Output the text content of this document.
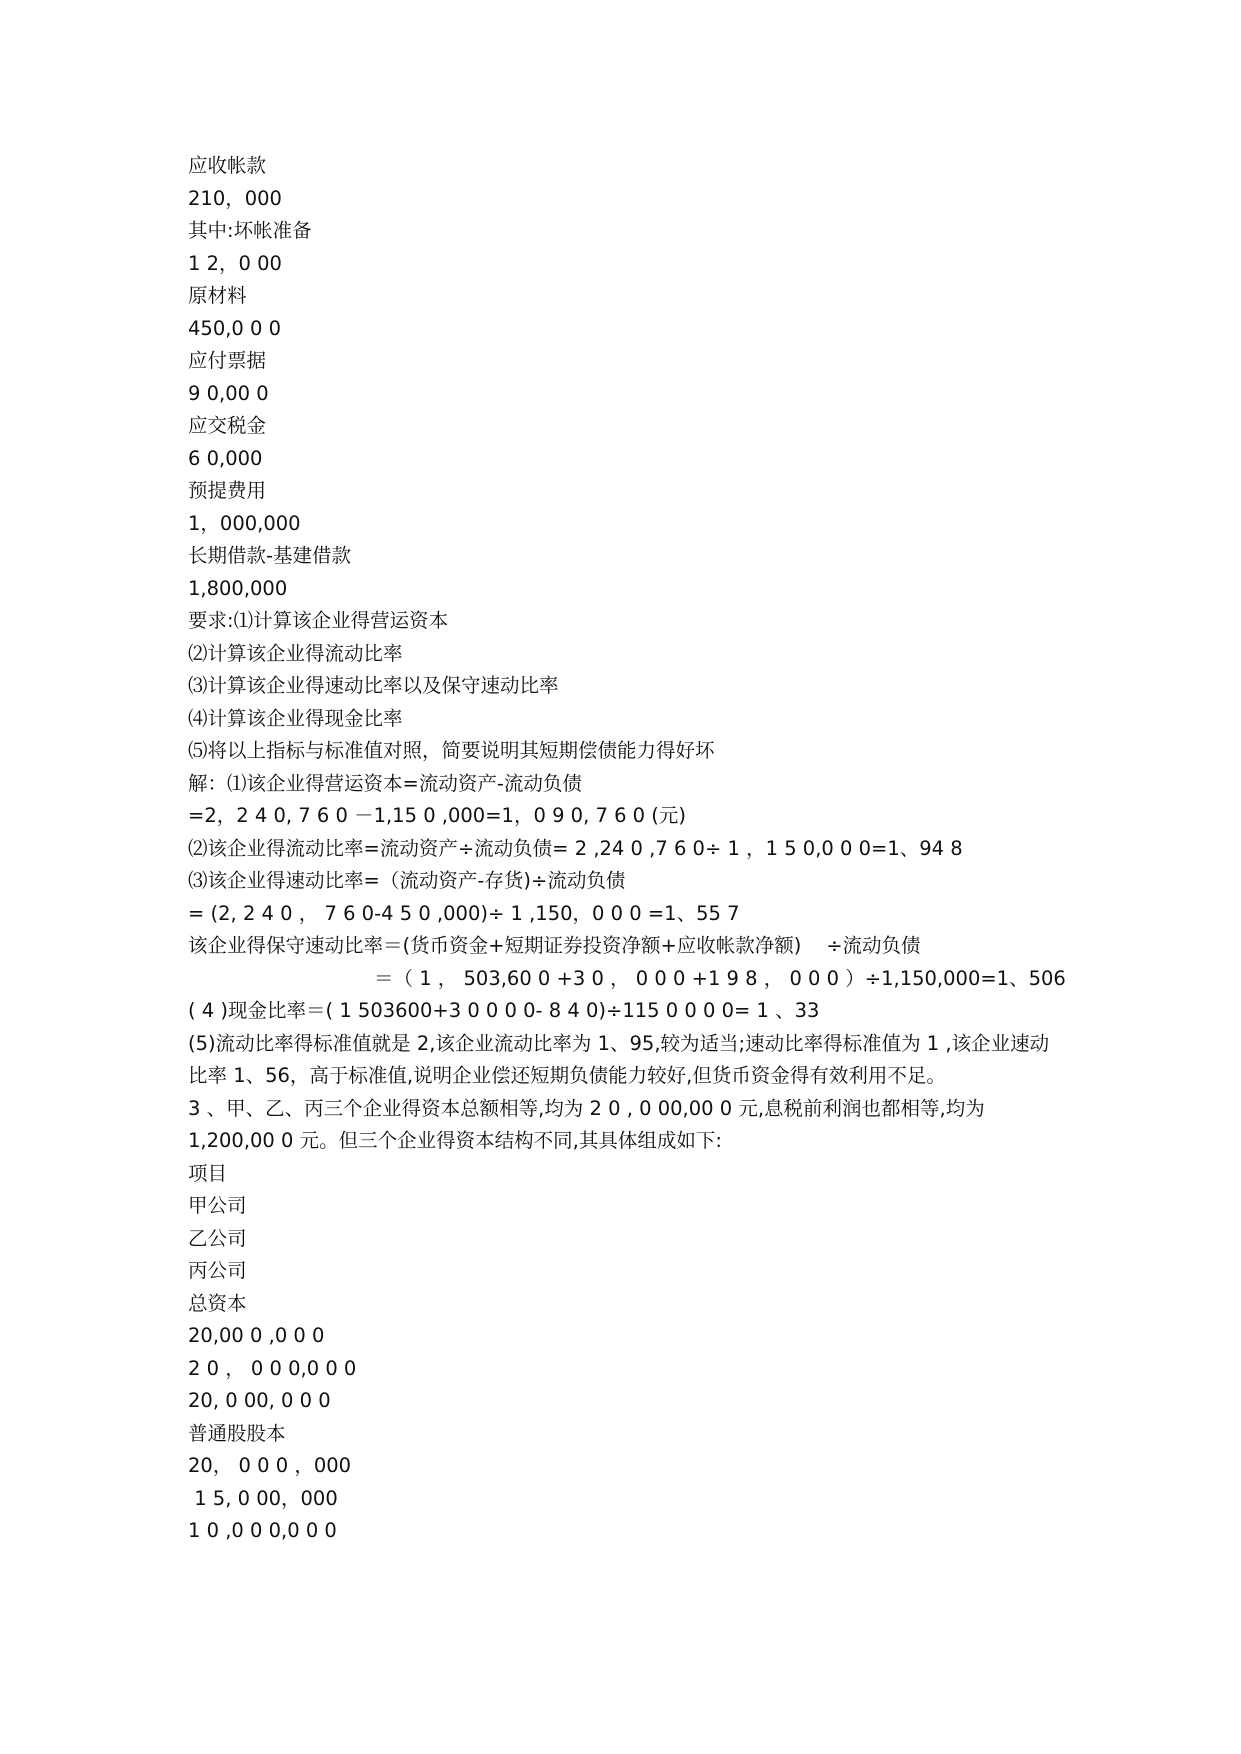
应收帐款
210，000
其中:坏帐准备
1 2，0 00
原材料
450,0 0 0
应付票据
9 0,00 0
应交税金
6 0,000
预提费用
1，000,000
长期借款-基建借款
1,800,000
要求:⑴计算该企业得营运资本
⑵计算该企业得流动比率
⑶计算该企业得速动比率以及保守速动比率
⑷计算该企业得现金比率
⑸将以上指标与标准值对照，简要说明其短期偿债能力得好坏
解：⑴该企业得营运资本=流动资产-流动负债
=2，2 4 0, 7 6 0 －1,15 0 ,000=1，0 9 0, 7 6 0 (元)
⑵该企业得流动比率=流动资产÷流动负债= 2 ,24 0 ,7 6 0÷ 1 ，1 5 0,0 0 0=1、94 8
⑶该企业得速动比率=（流动资产-存货)÷流动负债
= (2, 2 4 0 ， 7 6 0-4 5 0 ,000)÷ 1 ,150，0 0 0 =1、55 7
该企业得保守速动比率＝(货币资金+短期证券投资净额+应收帐款净额)    ÷流动负债
＝（ 1 ， 503,60 0 +3 0 ， 0 0 0 +1 9 8 ， 0 0 0 ）÷1,150,000=1、506
( 4 )现金比率＝( 1 503600+3 0 0 0 0- 8 4 0)÷115 0 0 0 0= 1 、33
(5)流动比率得标准值就是 2,该企业流动比率为 1、95,较为适当;速动比率得标准值为 1 ,该企业速动比率 1、56，高于标准值,说明企业偿还短期负债能力较好,但货币资金得有效利用不足。
3 、甲、乙、丙三个企业得资本总额相等,均为 2 0 , 0 00,00 0 元,息税前利润也都相等,均为 1,200,00 0 元。但三个企业得资本结构不同,其具体组成如下:
项目
甲公司
乙公司
丙公司
总资本
20,00 0 ,0 0 0
2 0 ， 0 0 0,0 0 0
20, 0 00, 0 0 0
普通股股本
20， 0 0 0 ，000
1 5, 0 00，000
1 0 ,0 0 0,0 0 0
